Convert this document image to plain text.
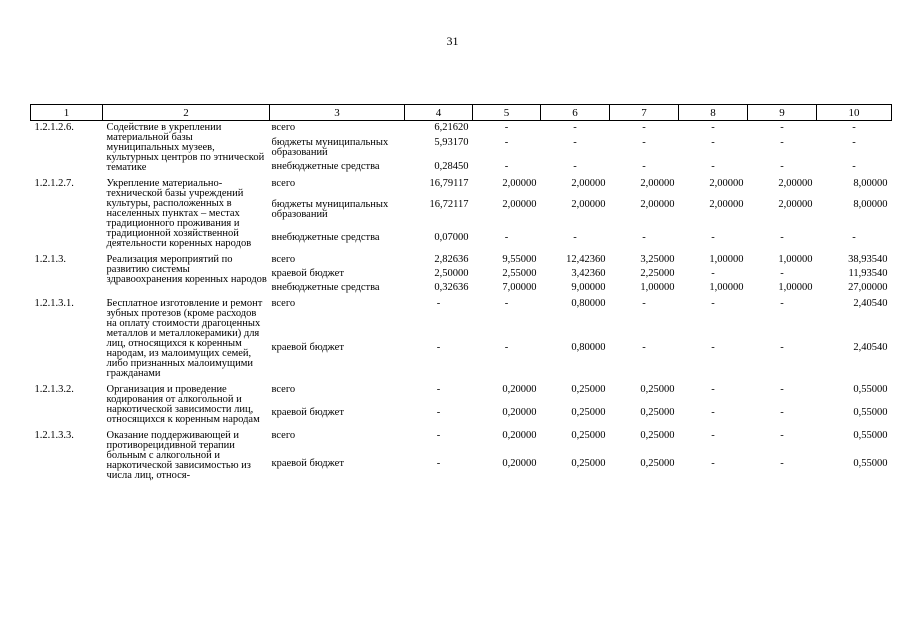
31
1	2	3	4	5	6	7	8	9	10
1.2.1.2.6.	Содействие в укреплении материальной базы муниципальных музеев, культурных центров по этнической тематике	всего	6,21620	-	-	-	-	-	-
		бюджеты муниципальных образований	5,93170	-	-	-	-	-	-
		внебюджетные средства	0,28450	-	-	-	-	-	-
1.2.1.2.7.	Укрепление материально-технической базы учреждений культуры, расположенных в населенных пунктах – местах традиционного проживания и традиционной хозяйственной деятельности коренных народов	всего	16,79117	2,00000	2,00000	2,00000	2,00000	2,00000	8,00000
		бюджеты муниципальных образований	16,72117	2,00000	2,00000	2,00000	2,00000	2,00000	8,00000
		внебюджетные средства	0,07000	-	-	-	-	-	-
1.2.1.3.	Реализация мероприятий по развитию системы здравоохранения коренных народов	всего	2,82636	9,55000	12,42360	3,25000	1,00000	1,00000	38,93540
		краевой бюджет	2,50000	2,55000	3,42360	2,25000	-	-	11,93540
		внебюджетные средства	0,32636	7,00000	9,00000	1,00000	1,00000	1,00000	27,00000
1.2.1.3.1.	Бесплатное изготовление и ремонт зубных протезов (кроме расходов на оплату стоимости драгоценных металлов и металлокерамики) для лиц, относящихся к коренным народам, из малоимущих семей, либо признанных малоимущими гражданами	всего	-	-	0,80000	-	-	-	2,40540
		краевой бюджет	-	-	0,80000	-	-	-	2,40540
1.2.1.3.2.	Организация и проведение кодирования от алкогольной и наркотической зависимости лиц, относящихся к коренным народам	всего	-	0,20000	0,25000	0,25000	-	-	0,55000
		краевой бюджет	-	0,20000	0,25000	0,25000	-	-	0,55000
1.2.1.3.3.	Оказание поддерживающей и противорецидивной терапии больным с алкогольной и наркотической зависимостью из числа лиц, относя-	всего	-	0,20000	0,25000	0,25000	-	-	0,55000
		краевой бюджет	-	0,20000	0,25000	0,25000	-	-	0,55000
